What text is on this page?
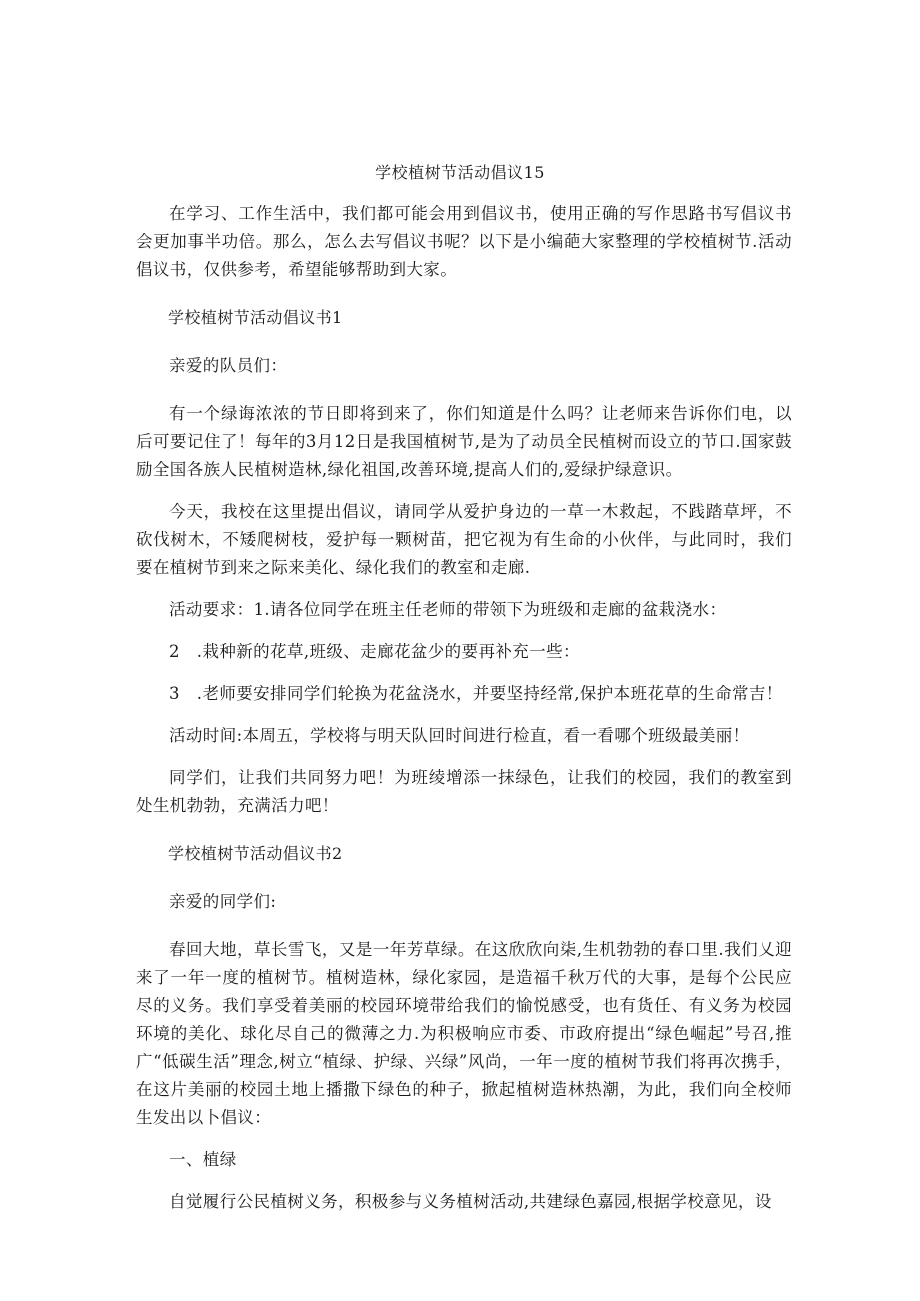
学校植树节活动倡议15

在学习、工作生活中，我们都可能会用到倡议书，使用正确的写作思路书写倡议书会更加事半功倍。那么，怎么去写倡议书呢？以下是小编葩大家整理的学校植树节.活动倡议书，仅供参考，希望能够帮助到大家。

学校植树节活动倡议书1

亲爱的队员们：

有一个绿诲浓浓的节日即将到来了，你们知道是什么吗？让老师来告诉你们电，以后可要记住了！每年的3月12日是我国植树节,是为了动员全民植树而设立的节口.国家鼓励全国各族人民植树造林,绿化祖国,改善环境,提高人们的,爱绿护绿意识。

今天，我校在这里提出倡议，请同学从爱护身边的一草一木救起，不践踏草坪，不砍伐树木，不矮爬树枝，爱护每一颗树苗，把它视为有生命的小伙伴，与此同时，我们要在植树节到来之际来美化、绿化我们的教室和走廊.

活动要求：1.请各位同学在班主任老师的带领下为班级和走廊的盆栽浇水：

2　.栽种新的花草,班级、走廊花盆少的要再补充一些：

3　.老师要安排同学们轮换为花盆浇水，并要坚持经常,保护本班花草的生命常吉！

活动时间:本周五，学校将与明天队回时间进行检直，看一看哪个班级最美丽！

同学们，让我们共同努力吧！为班绫增添一抹绿色，让我们的校园，我们的教室到处生机勃勃，充满活力吧！

学校植树节活动倡议书2

亲爱的同学们:

春回大地，草长雪飞，又是一年芳草绿。在这欣欣向柒,生机勃勃的春口里.我们乂迎来了一年一度的植树节。植树造林，绿化家园，是造福千秋万代的大事，是每个公民应尽的义务。我们享受着美丽的校园环境带给我们的愉悦感受，也有货任、有义务为校园环境的美化、球化尽自己的微薄之力.为积极响应市委、市政府提出“绿色崛起”号召,推广“低碳生活”理念,树立“植绿、护绿、兴绿”风尚，一年一度的植树节我们将再次携手，在这片美丽的校园土地上播撒下绿色的种子，掀起植树造林热潮，为此，我们向全校师生发出以卜倡议：

一、植绿

自觉履行公民植树义务，积极参与义务植树活动,共建绿色嘉园,根据学校意见，设
